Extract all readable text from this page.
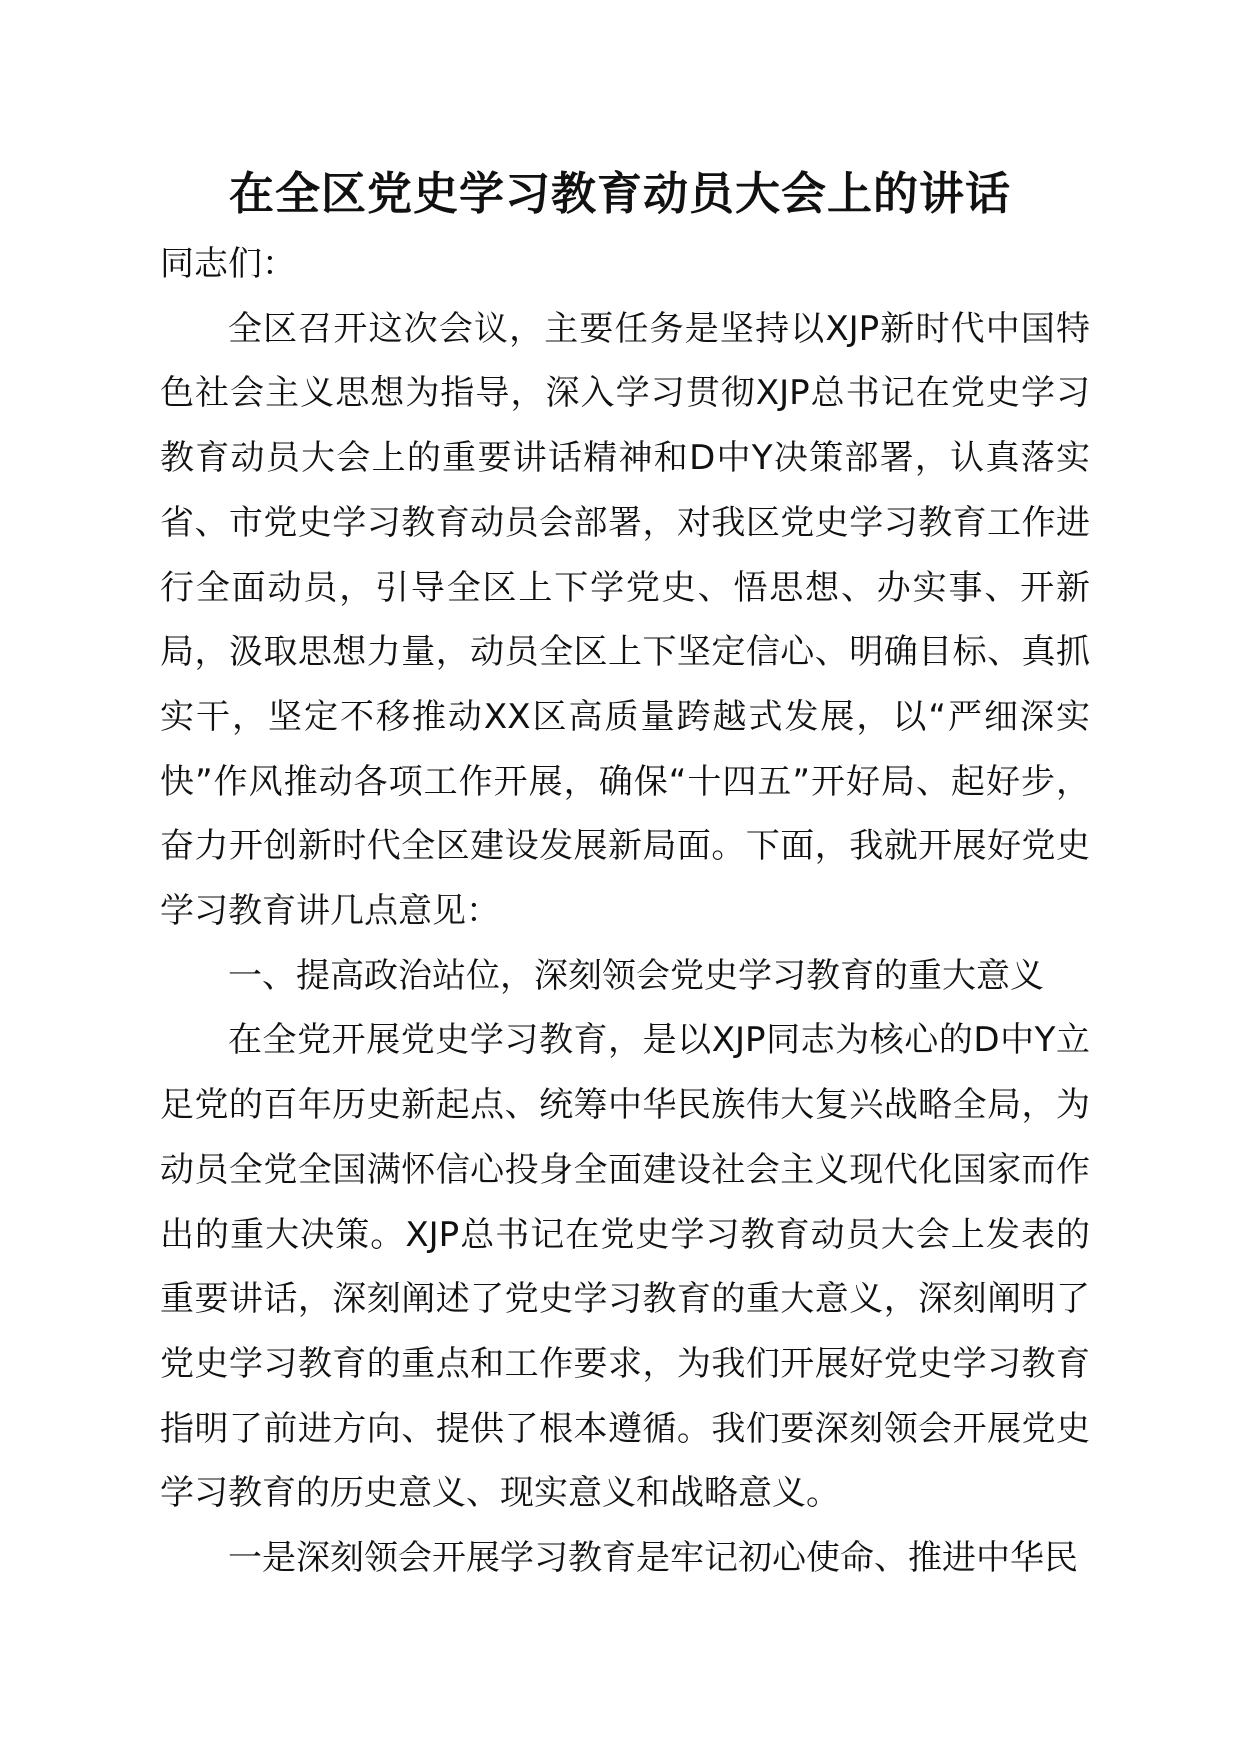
在全区党史学习教育动员大会上的讲话

同志们：

全区召开这次会议，主要任务是坚持以XJP新时代中国特色社会主义思想为指导，深入学习贯彻XJP总书记在党史学习教育动员大会上的重要讲话精神和D中Y决策部署，认真落实省、市党史学习教育动员会部署，对我区党史学习教育工作进行全面动员，引导全区上下学党史、悟思想、办实事、开新局，汲取思想力量，动员全区上下坚定信心、明确目标、真抓实干，坚定不移推动XX区高质量跨越式发展，以“严细深实快”作风推动各项工作开展，确保“十四五”开好局、起好步，奋力开创新时代全区建设发展新局面。下面，我就开展好党史学习教育讲几点意见：

一、提高政治站位，深刻领会党史学习教育的重大意义

在全党开展党史学习教育，是以XJP同志为核心的D中Y立足党的百年历史新起点、统筹中华民族伟大复兴战略全局，为动员全党全国满怀信心投身全面建设社会主义现代化国家而作出的重大决策。XJP总书记在党史学习教育动员大会上发表的重要讲话，深刻阐述了党史学习教育的重大意义，深刻阐明了党史学习教育的重点和工作要求，为我们开展好党史学习教育指明了前进方向、提供了根本遵循。我们要深刻领会开展党史学习教育的历史意义、现实意义和战略意义。

一是深刻领会开展学习教育是牢记初心使命、推进中华民
